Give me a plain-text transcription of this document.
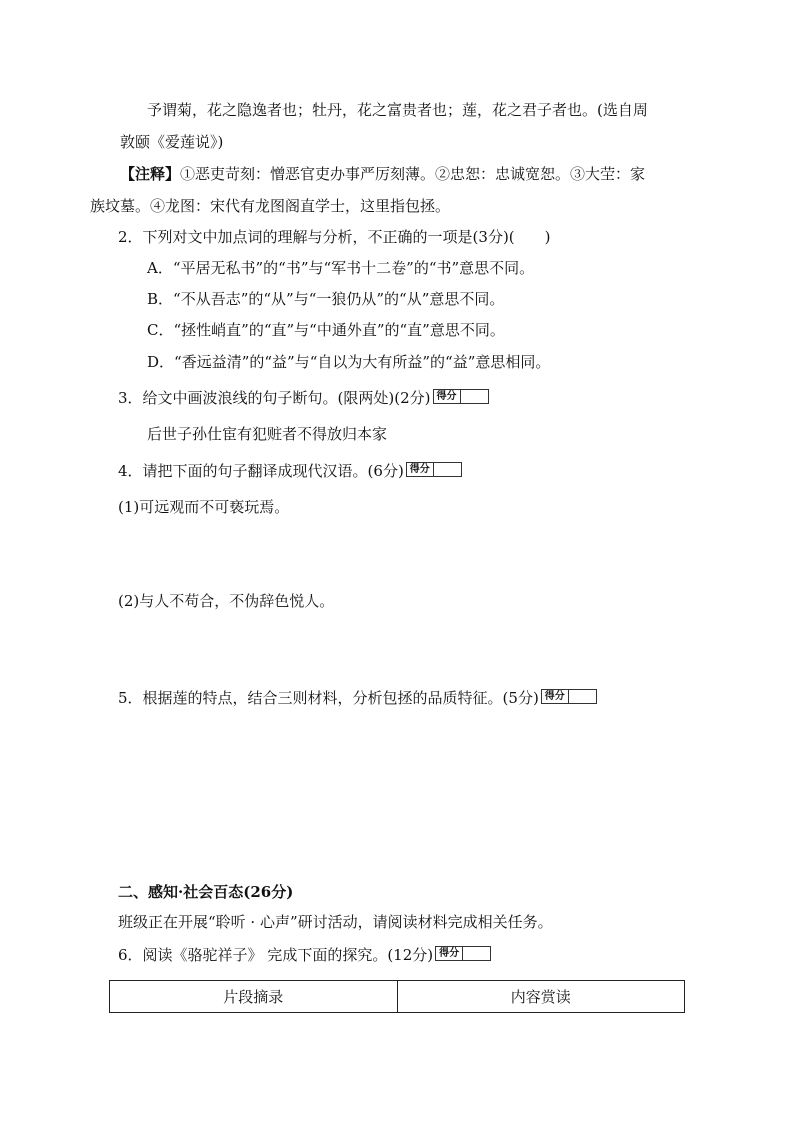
予谓菊，花之隐逸者也；牡丹，花之富贵者也；莲，花之君子者也。(选自周
敦颐《爱莲说》)
【注释】①恶吏苛刻：憎恶官吏办事严厉刻薄。②忠恕：忠诚宽恕。③大茔：家
族坟墓。④龙图：宋代有龙图阁直学士，这里指包拯。
2．下列对文中加点词的理解与分析，不正确的一项是(3分)(　　)
A．“平居无私书”的“书”与“军书十二卷”的“书”意思不同。
B．“不从吾志”的“从”与“一狼仍从”的“从”意思不同。
C．“拯性峭直”的“直”与“中通外直”的“直”意思不同。
D．“香远益清”的“益”与“自以为大有所益”的“益”意思相同。
3．给文中画波浪线的句子断句。(限两处)(2分) 得分
后世子孙仕宦有犯赃者不得放归本家
4．请把下面的句子翻译成现代汉语。(6分) 得分
(1)可远观而不可亵玩焉。
(2)与人不苟合，不伪辞色悦人。
5．根据莲的特点，结合三则材料，分析包拯的品质特征。(5分) 得分
二、感知·社会百态(26分)
班级正在开展“聆听 · 心声”研讨活动，请阅读材料完成相关任务。
6．阅读《骆驼祥子》 完成下面的探究。(12分) 得分
片段摘录	内容赏读
